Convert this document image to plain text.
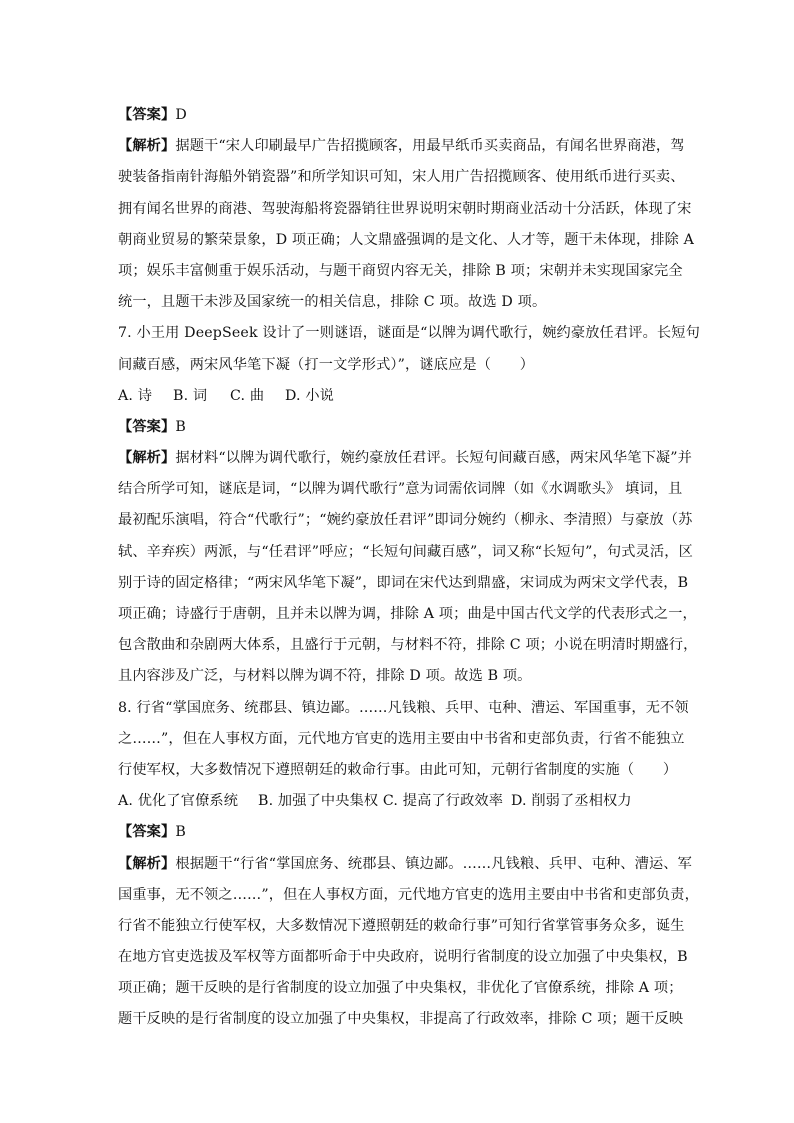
【答案】D
【解析】据题干“宋人印刷最早广告招揽顾客，用最早纸币买卖商品，有闻名世界商港，驾
驶装备指南针海船外销瓷器”和所学知识可知，宋人用广告招揽顾客、使用纸币进行买卖、
拥有闻名世界的商港、驾驶海船将瓷器销往世界说明宋朝时期商业活动十分活跃，体现了宋
朝商业贸易的繁荣景象，D 项正确；人文鼎盛强调的是文化、人才等，题干未体现，排除 A
项；娱乐丰富侧重于娱乐活动，与题干商贸内容无关，排除 B 项；宋朝并未实现国家完全
统一，且题干未涉及国家统一的相关信息，排除 C 项。故选 D 项。
7. 小王用 DeepSeek 设计了一则谜语，谜面是“以牌为调代歌行，婉约豪放任君评。长短句
间藏百感，两宋风华笔下凝（打一文学形式）”，谜底应是（　　）
A. 诗 B. 词 C. 曲 D. 小说
【答案】B
【解析】据材料“以牌为调代歌行，婉约豪放任君评。长短句间藏百感，两宋风华笔下凝”并
结合所学可知，谜底是词，“以牌为调代歌行”意为词需依词牌（如《水调歌头》 填词，且
最初配乐演唱，符合“代歌行”；“婉约豪放任君评”即词分婉约（柳永、李清照）与豪放（苏
轼、辛弃疾）两派，与“任君评”呼应；“长短句间藏百感”，词又称“长短句”，句式灵活，区
别于诗的固定格律；“两宋风华笔下凝”，即词在宋代达到鼎盛，宋词成为两宋文学代表，B
项正确；诗盛行于唐朝，且并未以牌为调，排除 A 项；曲是中国古代文学的代表形式之一，
包含散曲和杂剧两大体系，且盛行于元朝，与材料不符，排除 C 项；小说在明清时期盛行，
且内容涉及广泛，与材料以牌为调不符，排除 D 项。故选 B 项。
8. 行省“掌国庶务、统郡县、镇边鄙。……凡钱粮、兵甲、屯种、漕运、军国重事，无不领
之……”，但在人事权方面，元代地方官吏的选用主要由中书省和吏部负责，行省不能独立
行使军权，大多数情况下遵照朝廷的敕命行事。由此可知，元朝行省制度的实施（　　）
A. 优化了官僚系统 B. 加强了中央集权 C. 提高了行政效率 D. 削弱了丞相权力
【答案】B
【解析】根据题干“行省“掌国庶务、统郡县、镇边鄙。……凡钱粮、兵甲、屯种、漕运、军
国重事，无不领之……”，但在人事权方面，元代地方官吏的选用主要由中书省和吏部负责，
行省不能独立行使军权，大多数情况下遵照朝廷的敕命行事”可知行省掌管事务众多，诞生
在地方官吏选拔及军权等方面都听命于中央政府，说明行省制度的设立加强了中央集权，B
项正确；题干反映的是行省制度的设立加强了中央集权，非优化了官僚系统，排除 A 项；
题干反映的是行省制度的设立加强了中央集权，非提高了行政效率，排除 C 项；题干反映
